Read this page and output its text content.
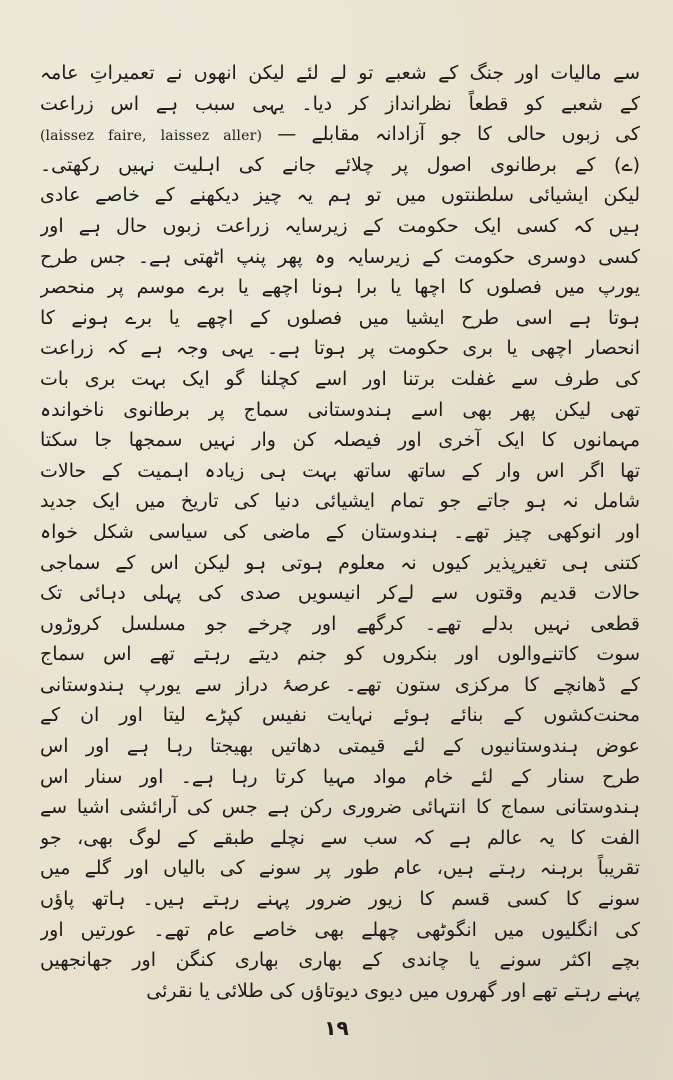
سے مالیات اور جنگ کے شعبے تو لے لئے لیکن انھوں نے تعمیراتِ عامہ
کے شعبے کو قطعاً نظرانداز کر دیا۔ یہی سبب ہے اس زراعت
کی زبوں حالی کا جو آزادانہ مقابلے — (laissez faire, laissez aller)
(ے) کے برطانوی اصول پر چلائے جانے کی اہلیت نہیں رکھتی۔
لیکن ایشیائی سلطنتوں میں تو ہم یہ چیز دیکھنے کے خاصے عادی
ہیں کہ کسی ایک حکومت کے زیرسایہ زراعت زبوں حال ہے اور
کسی دوسری حکومت کے زیرسایہ وہ پھر پنپ اٹھتی ہے۔ جس طرح
یورپ میں فصلوں کا اچھا یا برا ہونا اچھے یا برے موسم پر منحصر
ہوتا ہے اسی طرح ایشیا میں فصلوں کے اچھے یا برے ہونے کا
انحصار اچھی یا بری حکومت پر ہوتا ہے۔ یہی وجہ ہے کہ زراعت
کی طرف سے غفلت برتنا اور اسے کچلنا گو ایک بہت بری بات
تھی لیکن پھر بھی اسے ہندوستانی سماج پر برطانوی ناخواندہ
مہمانوں کا ایک آخری اور فیصلہ کن وار نہیں سمجھا جا سکتا
تھا اگر اس وار کے ساتھ ساتھ بہت ہی زیادہ اہمیت کے حالات
شامل نہ ہو جاتے جو تمام ایشیائی دنیا کی تاریخ میں ایک جدید
اور انوکھی چیز تھے۔ ہندوستان کے ماضی کی سیاسی شکل خواہ
کتنی ہی تغیرپذیر کیوں نہ معلوم ہوتی ہو لیکن اس کے سماجی
حالات قدیم وقتوں سے لےکر انیسویں صدی کی پہلی دہائی تک
قطعی نہیں بدلے تھے۔ کرگھے اور چرخے جو مسلسل کروڑوں
سوت کاتنےوالوں اور بنکروں کو جنم دیتے رہتے تھے اس سماج
کے ڈھانچے کا مرکزی ستون تھے۔ عرصۂ دراز سے یورپ ہندوستانی
محنت‌کشوں کے بنائے ہوئے نہایت نفیس کپڑے لیتا اور ان کے
عوض ہندوستانیوں کے لئے قیمتی دھاتیں بھیجتا رہا ہے اور اس
طرح سنار کے لئے خام مواد مہیا کرتا رہا ہے۔ اور سنار اس
ہندوستانی سماج کا انتہائی ضروری رکن ہے جس کی آرائشی اشیا سے
الفت کا یہ عالم ہے کہ سب سے نچلے طبقے کے لوگ بھی، جو
تقریباً برہنہ رہتے ہیں، عام طور پر سونے کی بالیاں اور گلے میں
سونے کا کسی قسم کا زیور ضرور پہنے رہتے ہیں۔ ہاتھ پاؤں
کی انگلیوں میں انگوٹھی چھلے بھی خاصے عام تھے۔ عورتیں اور
بچے اکثر سونے یا چاندی کے بھاری بھاری کنگن اور جھانجھیں
پہنے رہتے تھے اور گھروں میں دیوی دیوتاؤں کی طلائی یا نقرئی
۱۹
